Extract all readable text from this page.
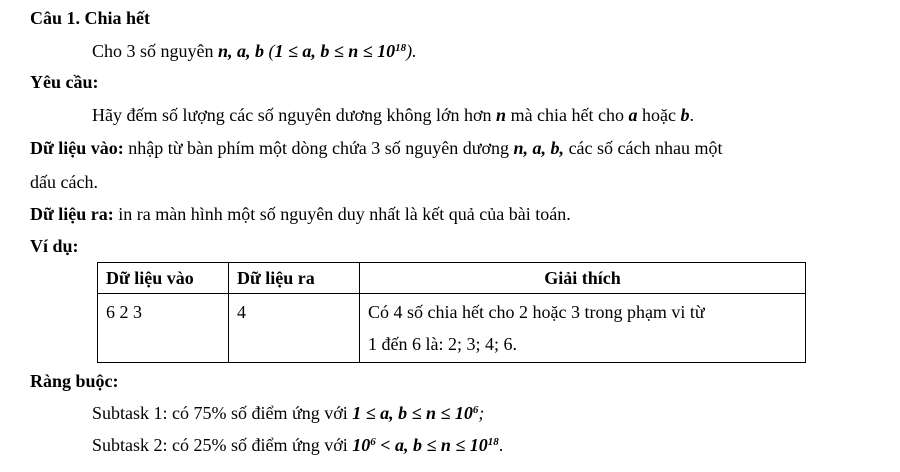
Câu 1. Chia hết
Cho 3 số nguyên n, a, b (1 ≤ a, $b \le n \le 10^{18}$).
Yêu cầu:
Hãy đếm số lượng các số nguyên dương không lớn hơn n mà chia hết cho a hoặc b.
Dữ liệu vào: nhập từ bàn phím một dòng chứa 3 số nguyên dương n, a, b, các số cách nhau một
dấu cách.
Dữ liệu ra: in ra màn hình một số nguyên duy nhất là kết quả của bài toán.
Ví dụ:
Dữ liệu vào	Dữ liệu ra	Giải thích
6 2 3	4	Có 4 số chia hết cho 2 hoặc 3 trong phạm vi từ
1 đến 6 là: 2; 3; 4; 6.
Ràng buộc:
Subtask 1: có 75% số điểm ứng với 1 ≤ a, $b \le n \le 10^6$;
Subtask 2: có 25% số điểm ứng với $10^6 < a$, $b \le n \le 10^{18}$.
